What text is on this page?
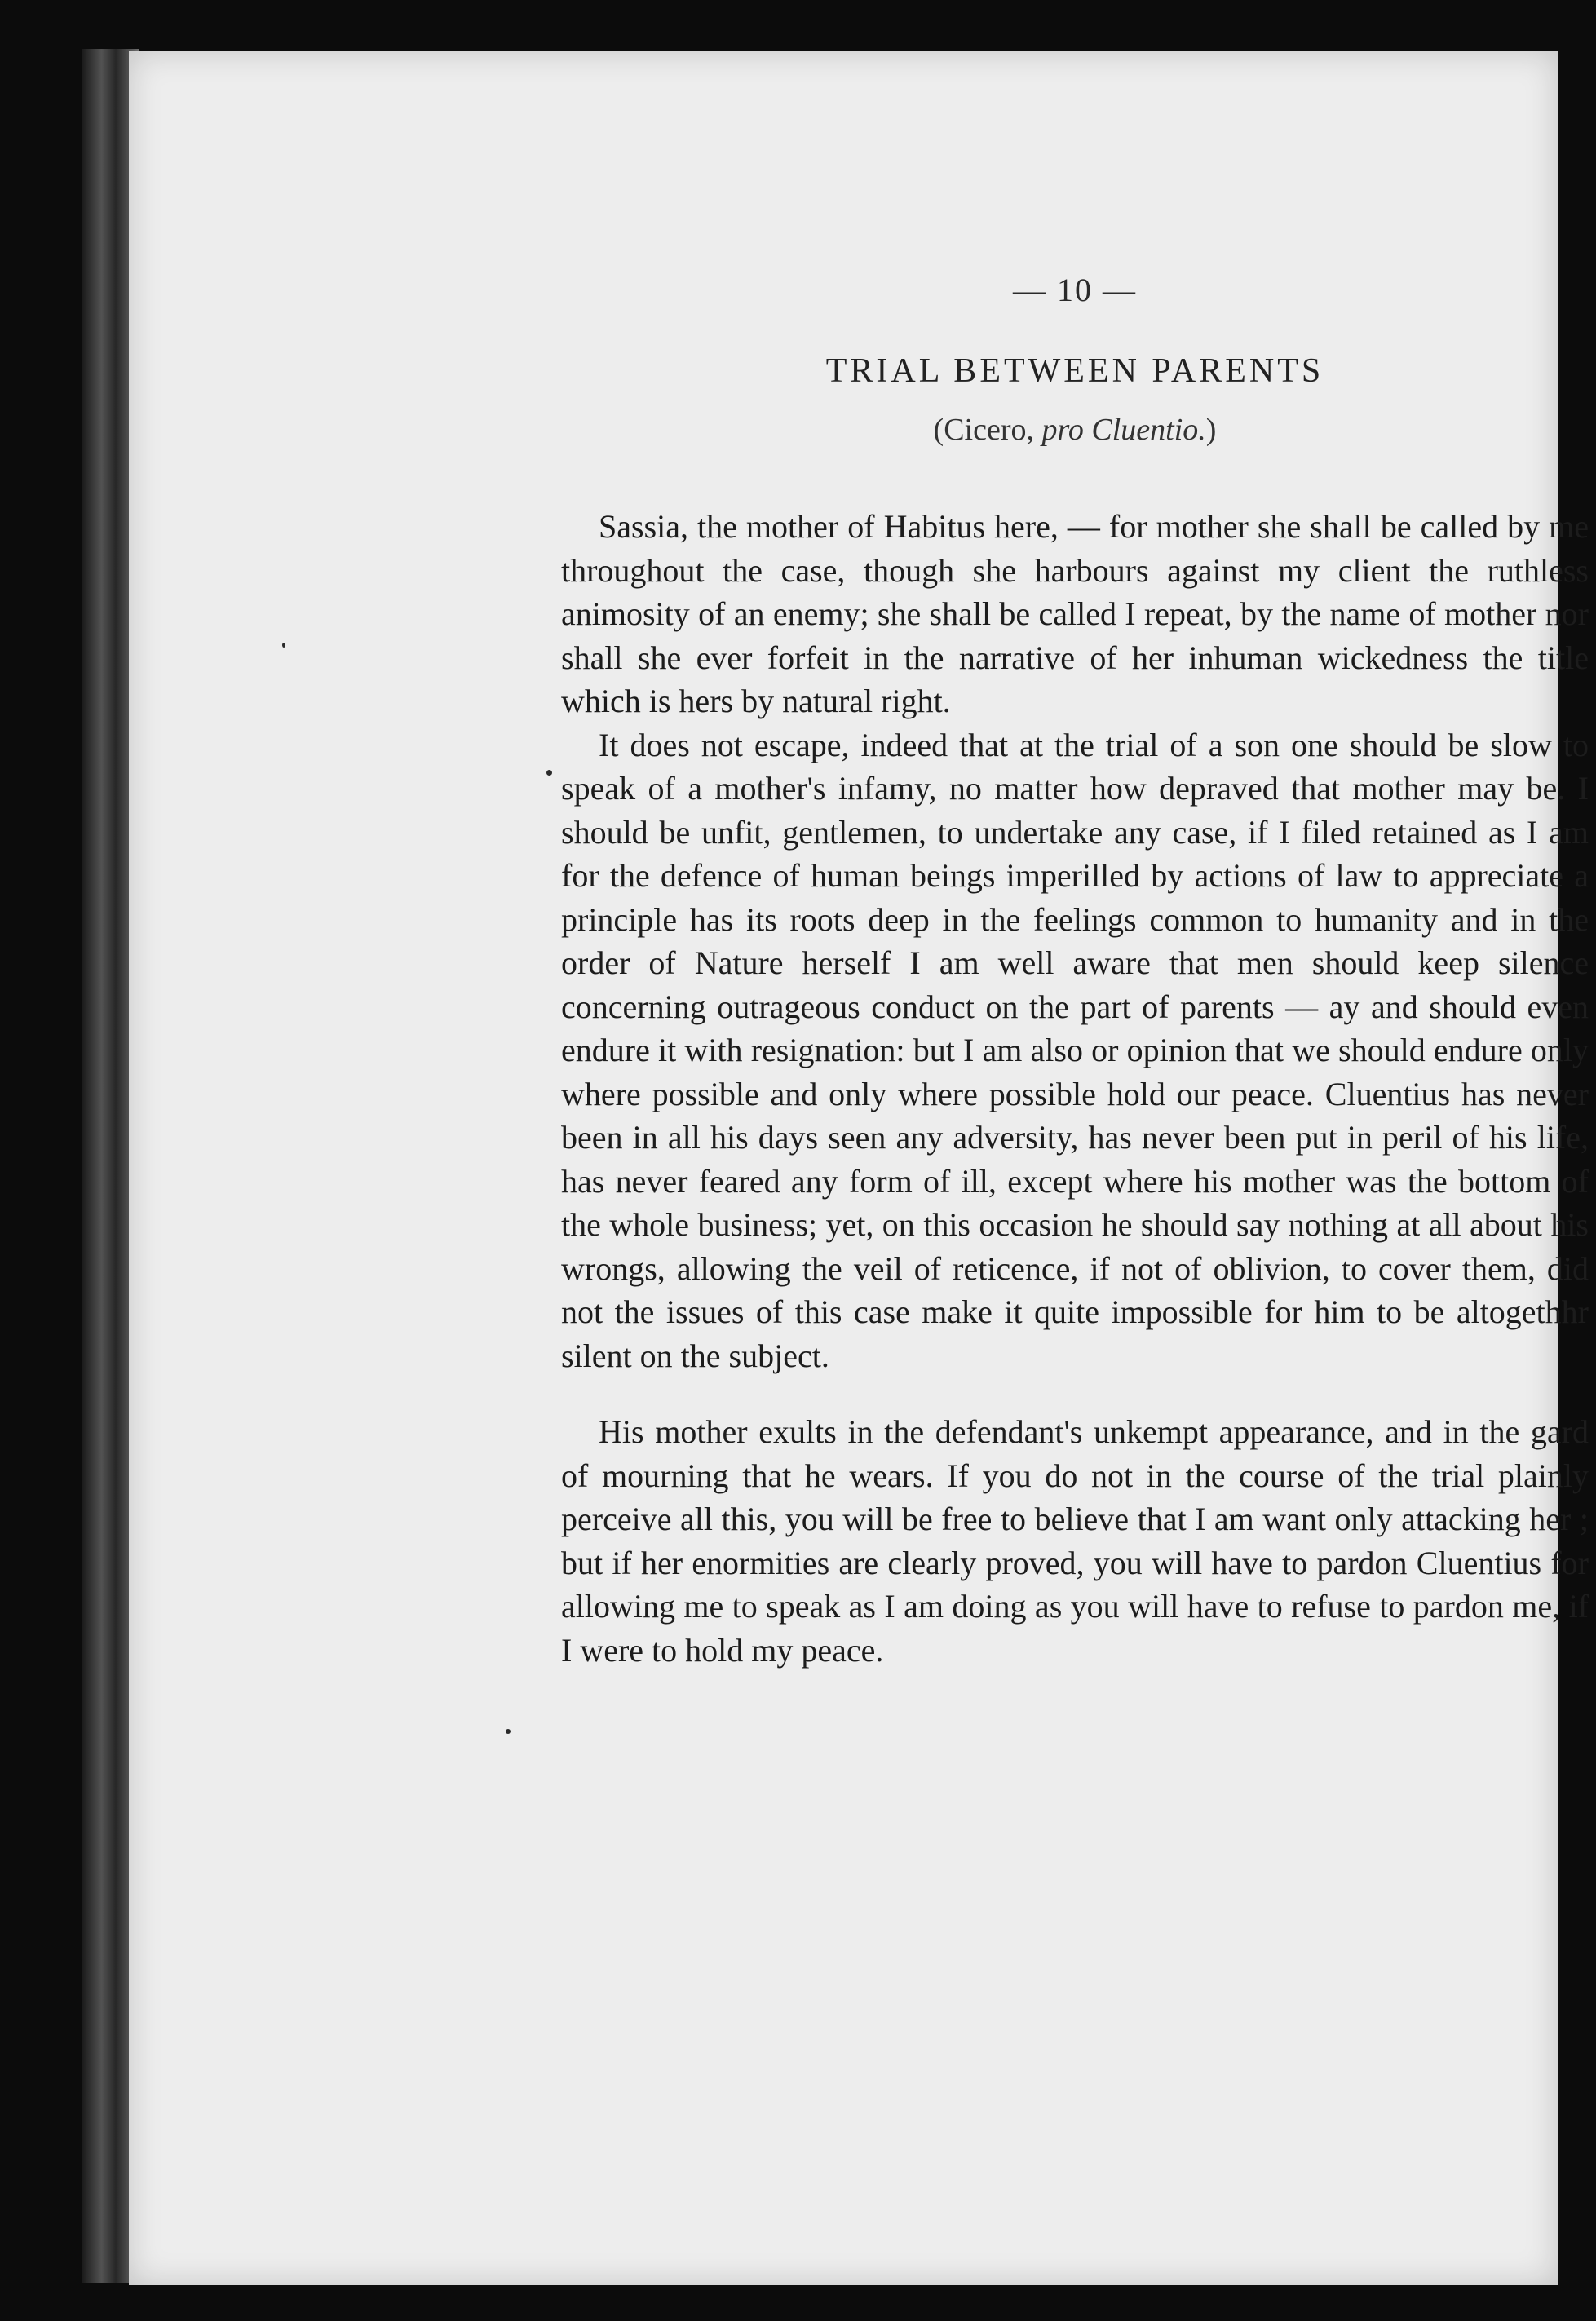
— 10 —

TRIAL BETWEEN PARENTS

(Cicero, pro Cluentio.)

Sassia, the mother of Habitus here, — for mother she shall be called by me throughout the case, though she harbours against my client the ruthless animosity of an enemy; she shall be called I repeat, by the name of mother nor shall she ever forfeit in the narrative of her inhuman wickedness the title which is hers by natural right.

It does not escape, indeed that at the trial of a son one should be slow to speak of a mother's infamy, no matter how depraved that mother may be. I should be unfit, gentlemen, to undertake any case, if I filed retained as I am for the defence of human beings imperilled by actions of law to appreciate a principle has its roots deep in the feelings common to humanity and in the order of Nature herself I am well aware that men should keep silence concerning outrageous conduct on the part of parents — ay and should even endure it with resignation: but I am also or opinion that we should endure only where possible and only where possible hold our peace. Cluentius has never been in all his days seen any adversity, has never been put in peril of his life, has never feared any form of ill, except where his mother was the bottom of the whole business; yet, on this occasion he should say nothing at all about his wrongs, allowing the veil of reticence, if not of oblivion, to cover them, did not the issues of this case make it quite impossible for him to be altogethhr silent on the subject.

His mother exults in the defendant's unkempt appearance, and in the gard of mourning that he wears. If you do not in the course of the trial plainly perceive all this, you will be free to believe that I am want only attacking her ; but if her enormities are clearly proved, you will have to pardon Cluentius for allowing me to speak as I am doing as you will have to refuse to pardon me, if I were to hold my peace.
